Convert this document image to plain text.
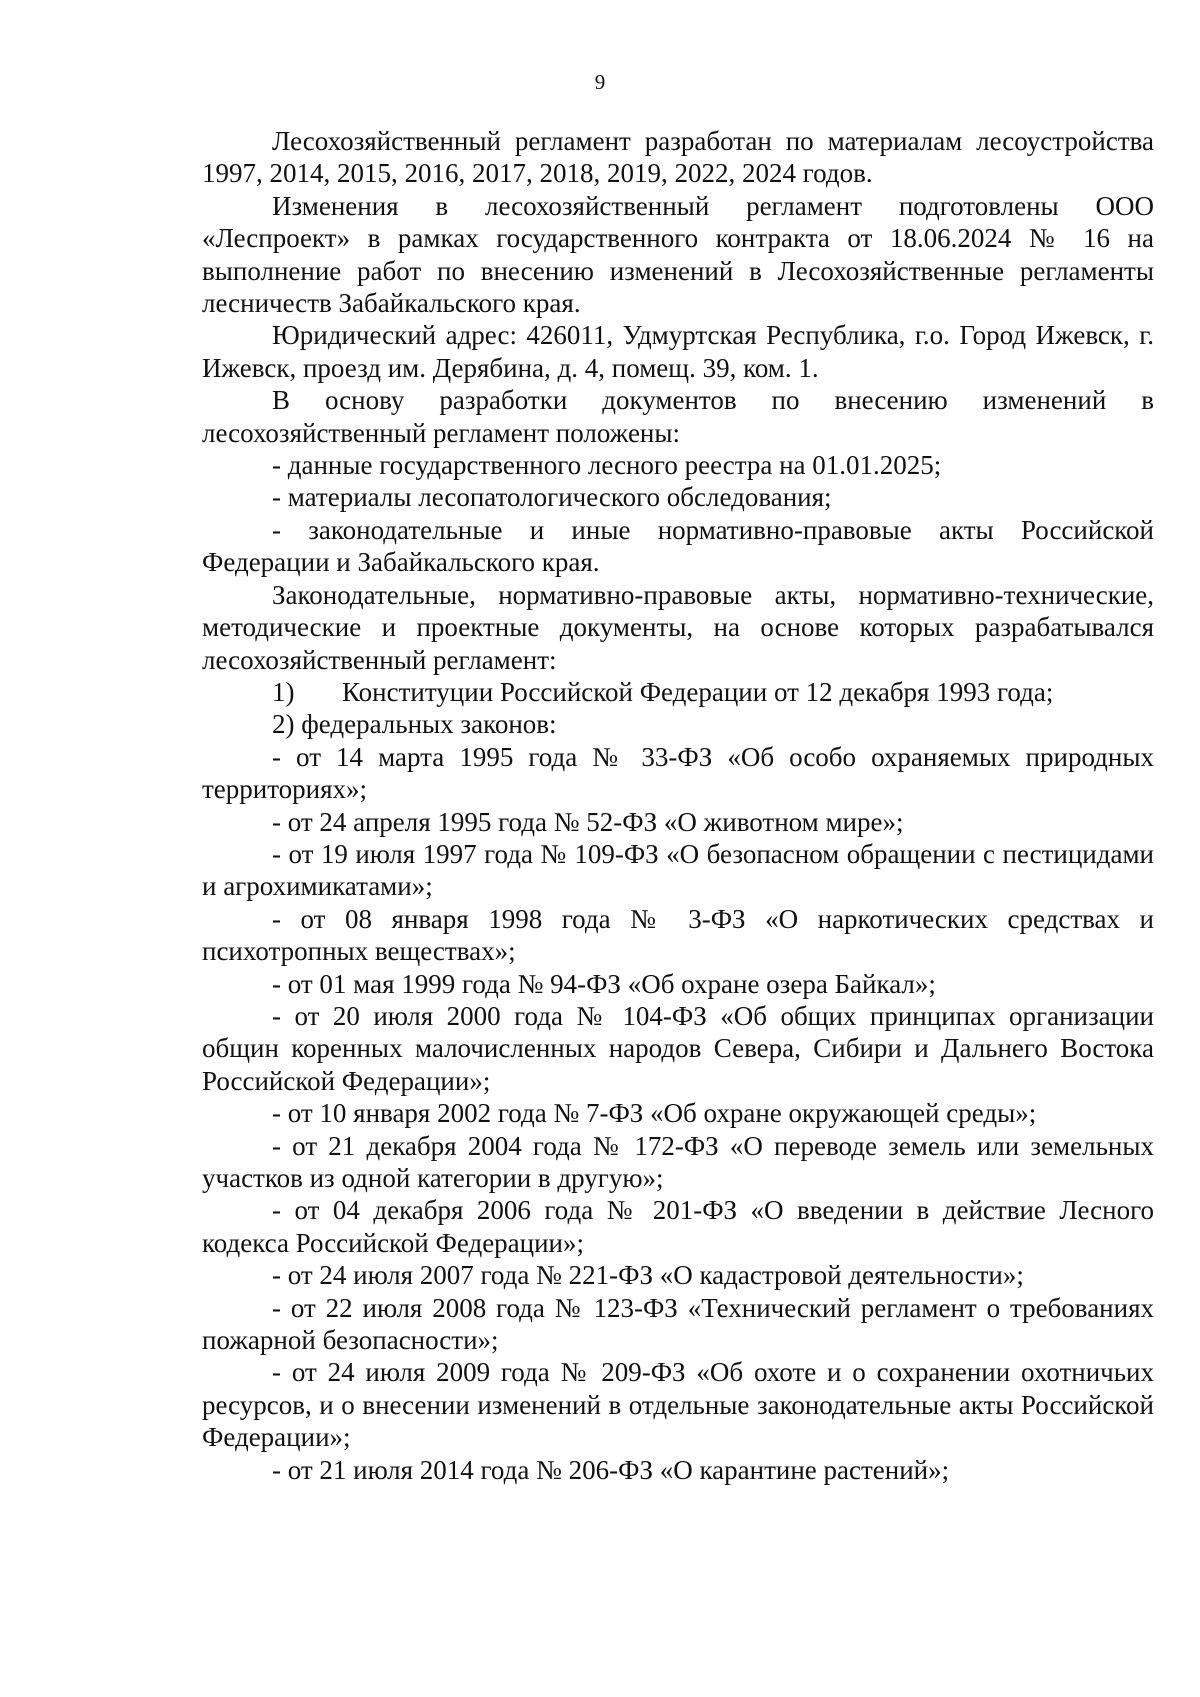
9

Лесохозяйственный регламент разработан по материалам лесоустройства 1997, 2014, 2015, 2016, 2017, 2018, 2019, 2022, 2024 годов.

Изменения в лесохозяйственный регламент подготовлены ООО «Леспроект» в рамках государственного контракта от 18.06.2024 № 16 на выполнение работ по внесению изменений в Лесохозяйственные регламенты лесничеств Забайкальского края.

Юридический адрес: 426011, Удмуртская Республика, г.о. Город Ижевск, г. Ижевск, проезд им. Дерябина, д. 4, помещ. 39, ком. 1.

В основу разработки документов по внесению изменений в лесохозяйственный регламент положены:

- данные государственного лесного реестра на 01.01.2025;

- материалы лесопатологического обследования;

- законодательные и иные нормативно-правовые акты Российской Федерации и Забайкальского края.

Законодательные, нормативно-правовые акты, нормативно-технические, методические и проектные документы, на основе которых разрабатывался лесохозяйственный регламент:

1) Конституции Российской Федерации от 12 декабря 1993 года;

2) федеральных законов:

- от 14 марта 1995 года № 33-ФЗ «Об особо охраняемых природных территориях»;

- от 24 апреля 1995 года № 52-ФЗ «О животном мире»;

- от 19 июля 1997 года № 109-ФЗ «О безопасном обращении с пестицидами и агрохимикатами»;

- от 08 января 1998 года № 3-ФЗ «О наркотических средствах и психотропных веществах»;

- от 01 мая 1999 года № 94-ФЗ «Об охране озера Байкал»;

- от 20 июля 2000 года № 104-ФЗ «Об общих принципах организации общин коренных малочисленных народов Севера, Сибири и Дальнего Востока Российской Федерации»;

- от 10 января 2002 года № 7-ФЗ «Об охране окружающей среды»;

- от 21 декабря 2004 года № 172-ФЗ «О переводе земель или земельных участков из одной категории в другую»;

- от 04 декабря 2006 года № 201-ФЗ «О введении в действие Лесного кодекса Российской Федерации»;

- от 24 июля 2007 года № 221-ФЗ «О кадастровой деятельности»;

- от 22 июля 2008 года № 123-ФЗ «Технический регламент о требованиях пожарной безопасности»;

- от 24 июля 2009 года № 209-ФЗ «Об охоте и о сохранении охотничьих ресурсов, и о внесении изменений в отдельные законодательные акты Российской Федерации»;

- от 21 июля 2014 года № 206-ФЗ «О карантине растений»;
